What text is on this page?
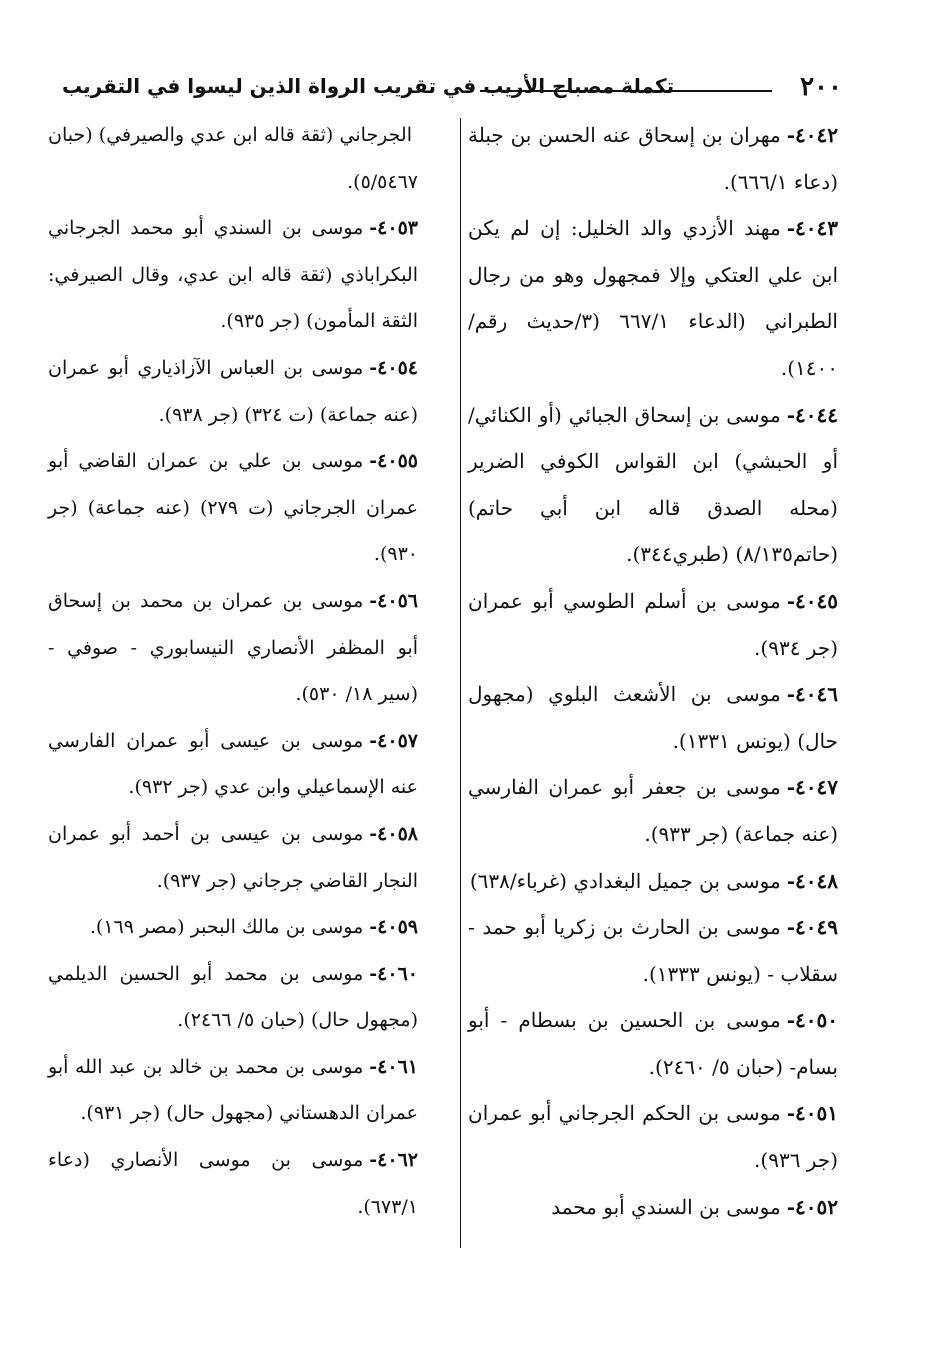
٢٠٠
تكملة مصباح الأريب في تقريب الرواة الذين ليسوا في التقريب

٤٠٤٢-مهران بن إسحاق عنه الحسن بن جبلة (دعاء ٦٦٦/١).

٤٠٤٣-مهند الأزدي والد الخليل: إن لم يكن ابن علي العتكي وإلا فمجهول وهو من رجال الطبراني (الدعاء ٦٦٧/١ (٣/حديث رقم/ ١٤٠٠).

٤٠٤٤-موسى بن إسحاق الجبائي (أو الكنائي/أو الحبشي) ابن القواس الكوفي الضرير (محله الصدق قاله ابن أبي حاتم) (حاتم٨/١٣٥) (طبري٣٤٤).

٤٠٤٥-موسى بن أسلم الطوسي أبو عمران (جر ٩٣٤).

٤٠٤٦-موسى بن الأشعث البلوي (مجهول حال) (يونس ١٣٣١).

٤٠٤٧-موسى بن جعفر أبو عمران الفارسي (عنه جماعة) (جر ٩٣٣).

٤٠٤٨-موسى بن جميل البغدادي (غرباء/٦٣٨)

٤٠٤٩-موسى بن الحارث بن زكريا أبو حمد - سقلاب - (يونس ١٣٣٣).

٤٠٥٠-موسى بن الحسين بن بسطام - أبو بسام- (حبان ٥/ ٢٤٦٠).

٤٠٥١-موسى بن الحكم الجرجاني أبو عمران (جر ٩٣٦).

٤٠٥٢-موسى بن السندي أبو محمد

الجرجاني (ثقة قاله ابن عدي والصيرفي) (حبان ٥/٥٤٦٧).

٤٠٥٣-موسى بن السندي أبو محمد الجرجاني البكراباذي (ثقة قاله ابن عدي، وقال الصيرفي: الثقة المأمون) (جر ٩٣٥).

٤٠٥٤-موسى بن العباس الآزاذياري أبو عمران (عنه جماعة) (ت ٣٢٤) (جر ٩٣٨).

٤٠٥٥-موسى بن علي بن عمران القاضي أبو عمران الجرجاني (ت ٢٧٩) (عنه جماعة) (جر ٩٣٠).

٤٠٥٦-موسى بن عمران بن محمد بن إسحاق أبو المظفر الأنصاري النيسابوري - صوفي - (سير ١٨/ ٥٣٠).

٤٠٥٧-موسى بن عيسى أبو عمران الفارسي عنه الإسماعيلي وابن عدي (جر ٩٣٢).

٤٠٥٨-موسى بن عيسى بن أحمد أبو عمران النجار القاضي جرجاني (جر ٩٣٧).

٤٠٥٩-موسى بن مالك البحبر (مصر ١٦٩).

٤٠٦٠-موسى بن محمد أبو الحسين الديلمي (مجهول حال) (حبان ٥/ ٢٤٦٦).

٤٠٦١-موسى بن محمد بن خالد بن عبد الله أبو عمران الدهستاني (مجهول حال) (جر ٩٣١).

٤٠٦٢-موسى بن موسى الأنصاري (دعاء ٦٧٣/١).
